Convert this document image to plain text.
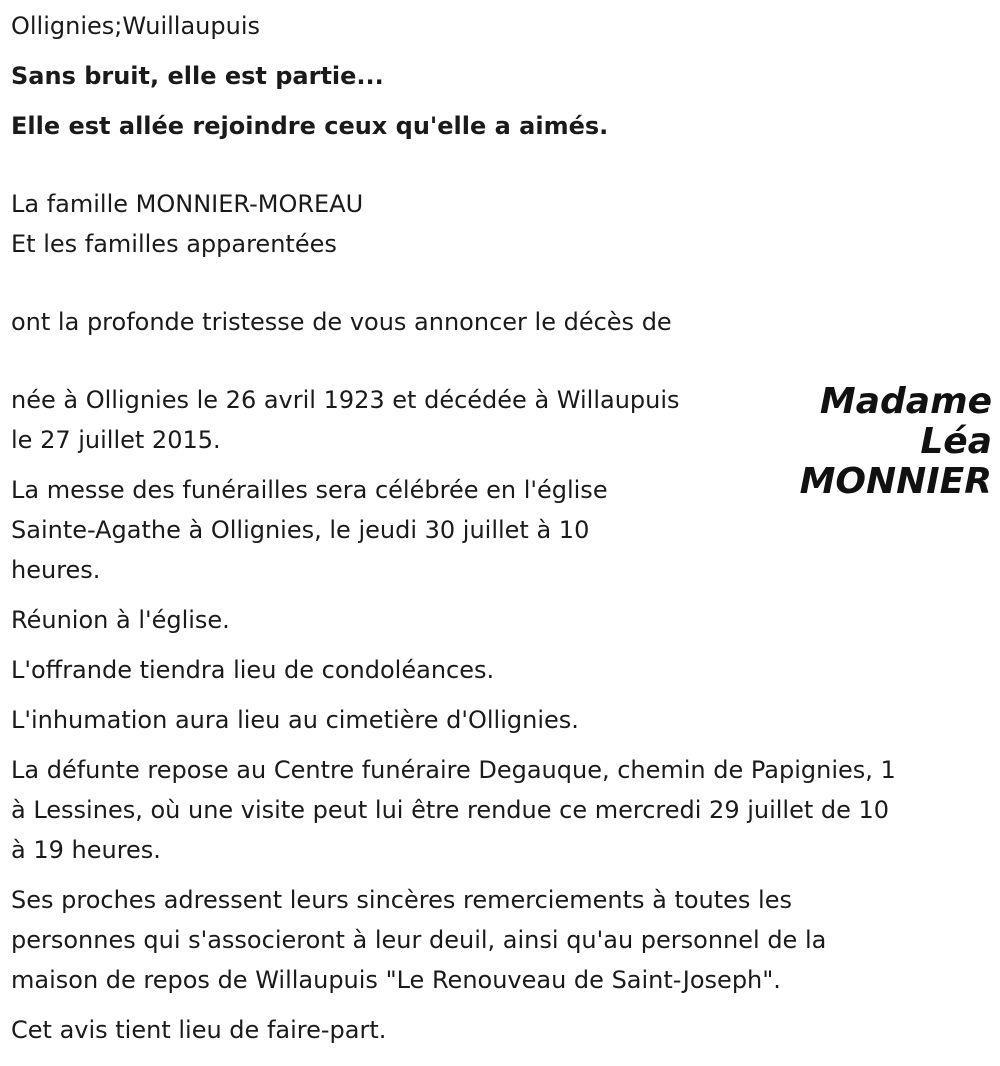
Ollignies;Wuillaupuis

Sans bruit, elle est partie...

Elle est allée rejoindre ceux qu'elle a aimés.

La famille MONNIER-MOREAU

Et les familles apparentées

ont la profonde tristesse de vous annoncer le décès de

Madame
Léa
MONNIER
née à Ollignies le 26 avril 1923 et décédée à Willaupuis
le 27 juillet 2015.
La messe des funérailles sera célébrée en l'église
Sainte-Agathe à Ollignies, le jeudi 30 juillet à 10
heures.
Réunion à l'église.
L'offrande tiendra lieu de condoléances.
L'inhumation aura lieu au cimetière d'Ollignies.
La défunte repose au Centre funéraire Degauque, chemin de Papignies, 1
à Lessines, où une visite peut lui être rendue ce mercredi 29 juillet de 10
à 19 heures.
Ses proches adressent leurs sincères remerciements à toutes les
personnes qui s'associeront à leur deuil, ainsi qu'au personnel de la
maison de repos de Willaupuis "Le Renouveau de Saint-Joseph".
Cet avis tient lieu de faire-part.
